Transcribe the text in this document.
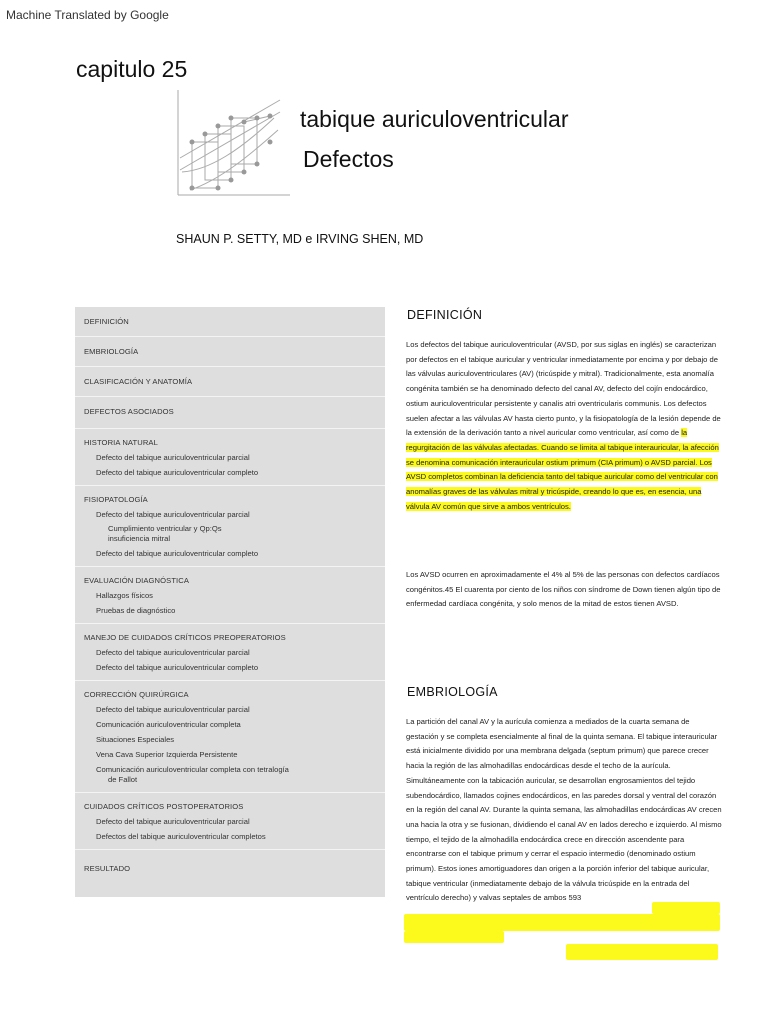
Machine Translated by Google
capitulo 25
tabique auriculoventricular
Defectos
SHAUN P. SETTY, MD e IRVING SHEN, MD
DEFINICIÓN
EMBRIOLOGÍA
CLASIFICACIÓN Y ANATOMÍA
DEFECTOS ASOCIADOS
HISTORIA NATURAL
Defecto del tabique auriculoventricular parcial
Defecto del tabique auriculoventricular completo
FISIOPATOLOGÍA
Defecto del tabique auriculoventricular parcial
Cumplimiento ventricular y Qp:Qs
insuficiencia mitral
Defecto del tabique auriculoventricular completo
EVALUACIÓN DIAGNÓSTICA
Hallazgos físicos
Pruebas de diagnóstico
MANEJO DE CUIDADOS CRÍTICOS PREOPERATORIOS
Defecto del tabique auriculoventricular parcial
Defecto del tabique auriculoventricular completo
CORRECCIÓN QUIRÚRGICA
Defecto del tabique auriculoventricular parcial
Comunicación auriculoventricular completa
Situaciones Especiales
Vena Cava Superior Izquierda Persistente
Comunicación auriculoventricular completa con tetralogía
de Fallot
CUIDADOS CRÍTICOS POSTOPERATORIOS
Defecto del tabique auriculoventricular parcial
Defectos del tabique auriculoventricular completos
RESULTADO
DEFINICIÓN
Los defectos del tabique auriculoventricular (AVSD, por sus siglas en inglés) se caracterizan por defectos en el tabique auricular y ventricular inmediatamente por encima y por debajo de las válvulas auriculoventriculares (AV) (tricúspide y mitral). Tradicionalmente, esta anomalía congénita también se ha denominado defecto del canal AV, defecto del cojín endocárdico, ostium auriculoventricular persistente y canalis atri oventricularis communis. Los defectos suelen afectar a las válvulas AV hasta cierto punto, y la fisiopatología de la lesión depende de la extensión de la derivación tanto a nivel auricular como ventricular, así como de la regurgitación de las válvulas afectadas. Cuando se limita al tabique interauricular, la afección se denomina comunicación interauricular ostium primum (CIA primum) o AVSD parcial. Los AVSD completos combinan la deficiencia tanto del tabique auricular como del ventricular con anomalías graves de las válvulas mitral y tricúspide, creando lo que es, en esencia, una válvula AV común que sirve a ambos ventrículos.
Los AVSD ocurren en aproximadamente el 4% al 5% de las personas con defectos cardíacos congénitos.45 El cuarenta por ciento de los niños con síndrome de Down tienen algún tipo de enfermedad cardíaca congénita, y solo menos de la mitad de estos tienen AVSD.
EMBRIOLOGÍA
La partición del canal AV y la aurícula comienza a mediados de la cuarta semana de gestación y se completa esencialmente al final de la quinta semana. El tabique interauricular está inicialmente dividido por una membrana delgada (septum primum) que parece crecer hacia la región de las almohadillas endocárdicas desde el techo de la aurícula. Simultáneamente con la tabicación auricular, se desarrollan engrosamientos del tejido subendocárdico, llamados cojines endocárdicos, en las paredes dorsal y ventral del corazón en la región del canal AV. Durante la quinta semana, las almohadillas endocárdicas AV crecen una hacia la otra y se fusionan, dividiendo el canal AV en lados derecho e izquierdo. Al mismo tiempo, el tejido de la almohadilla endocárdica crece en dirección ascendente para encontrarse con el tabique primum y cerrar el espacio intermedio (denominado ostium primum). Estos iones amortiguadores dan origen a la porción inferior del tabique auricular, tabique ventricular (inmediatamente debajo de la válvula tricúspide en la entrada del ventrículo derecho) y valvas septales de ambos 593
